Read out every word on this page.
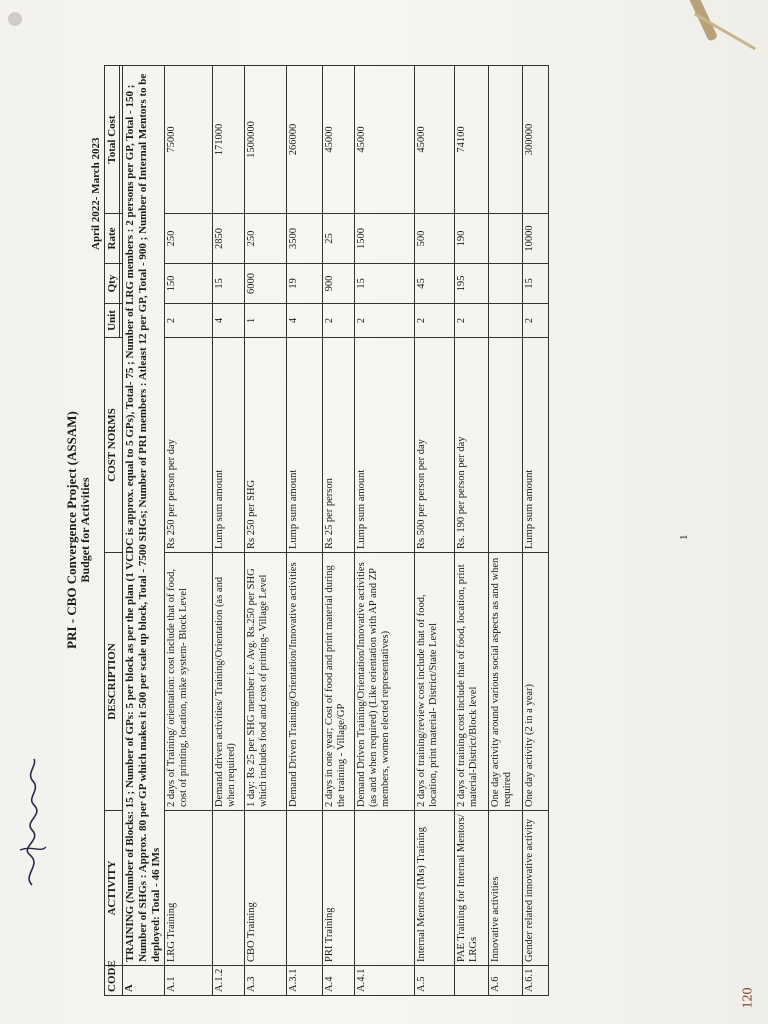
PRI - CBO Convergence Project (ASSAM) Budget for Activities
April 2022- March 2023
CODE	ACTIVITY	DESCRIPTION	COST NORMS	Unit	Qty	Rate	Total Cost

A	TRAINING (Number of Blocks: 15 ; Number of GPs: 5 per block as per the plan (1 VCDC is approx. equal to 5 GPs), Total- 75 ; Number of LRG members : 2 persons per GP, Total - 150 ; Number of SHGs : Approx. 80 per GP which makes it 500 per scale up block, Total - 7500 SHGs; Number of PRI members : Atleast 12 per GP, Total - 900 ; Number of Internal Mentors to be deployed: Total - 46 IMs						
A.1	LRG Training	2 days of Training/ orientation: cost include that of food, cost of printing, location, mike system- Block Level	Rs 250 per person per day	2	150	250	75000
A.1.2		Demand driven activities/ Training/Orientation (as and when required)	Lump sum amount	4	15	2850	171000
A.3	CBO Training	1 day: Rs 25 per SHG member i.e. Avg. Rs.250 per SHG which includes food and cost of printing- Village Level	Rs 250 per SHG	1	6000	250	1500000
A.3.1		Demand Driven Training/Orientation/Innovative activities	Lump sum amount	4	19	3500	266000
A.4	PRI Training	2 days in one year; Cost of food and print material during the training - Village/GP	Rs 25 per person	2	900	25	45000
A.4.1		Demand Driven Training/Orientation/Innovative activities (as and when required) (Like orientation with AP and ZP members, women elected representatives)	Lump sum amount	2	15	1500	45000
A.5	Internal Mentors (IMs) Training	2 days of training/review cost include that of food, location, print material- District/State Level	Rs 500 per person per day	2	45	500	45000
	PAE Training for Internal Mentors/ LRGs	2 days of training cost include that of food, location, print material-District/Block level	Rs. 190 per person per day	2	195	190	74100
A.6	Innovative activities	One day activity around various social aspects as and when required					
A.6.1	Gender related innovative activity	One day activity (2 in a year)	Lump sum amount	2	15	10000	300000
1
120
